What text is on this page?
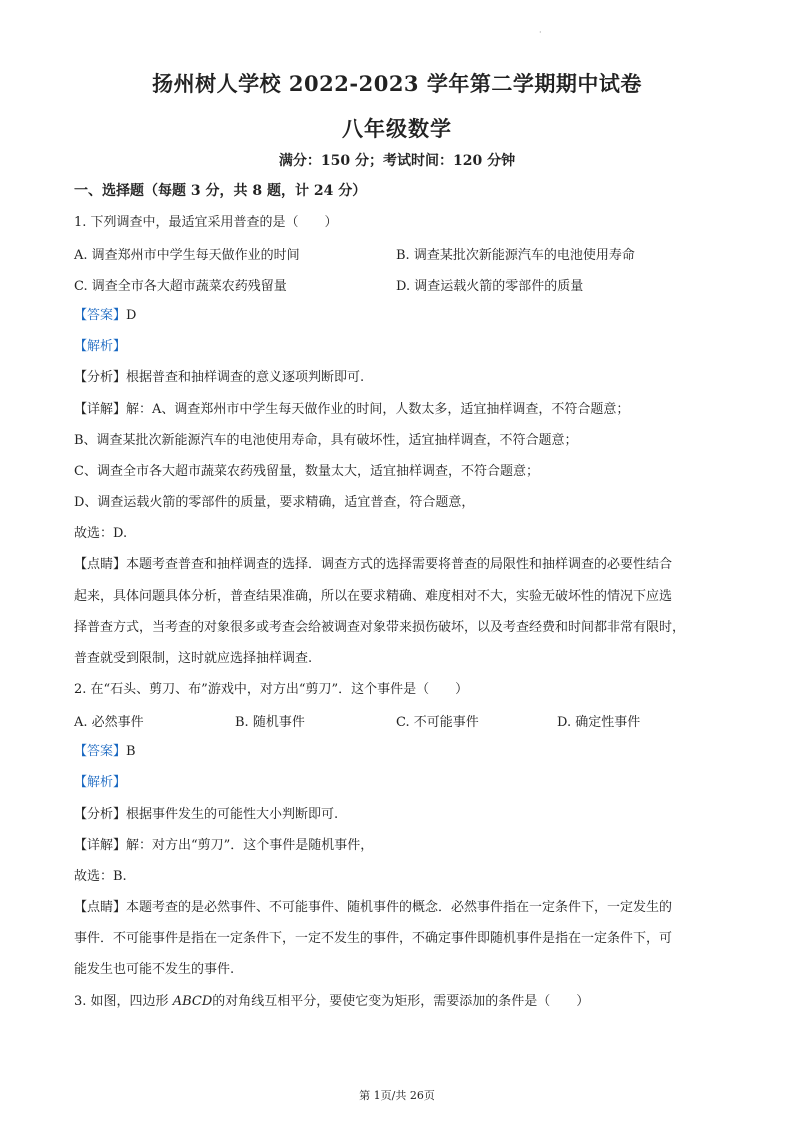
·
扬州树人学校 2022-2023 学年第二学期期中试卷
八年级数学
满分：150 分；考试时间：120 分钟
一、选择题（每题 3 分，共 8 题，计 24 分）
1. 下列调查中，最适宜采用普查的是（　　）
A. 调查郑州市中学生每天做作业的时间	B. 调查某批次新能源汽车的电池使用寿命
C. 调查全市各大超市蔬菜农药残留量	D. 调查运载火箭的零部件的质量
【答案】D
【解析】
【分析】根据普查和抽样调查的意义逐项判断即可.
【详解】解：A、调查郑州市中学生每天做作业的时间，人数太多，适宜抽样调查，不符合题意；
B、调查某批次新能源汽车的电池使用寿命，具有破坏性，适宜抽样调查，不符合题意；
C、调查全市各大超市蔬菜农药残留量，数量太大，适宜抽样调查，不符合题意；
D、调查运载火箭的零部件的质量，要求精确，适宜普查，符合题意，
故选：D.
【点睛】本题考查普查和抽样调查的选择．调查方式的选择需要将普查的局限性和抽样调查的必要性结合
起来，具体问题具体分析，普查结果准确，所以在要求精确、难度相对不大，实验无破坏性的情况下应选
择普查方式，当考查的对象很多或考查会给被调查对象带来损伤破坏，以及考查经费和时间都非常有限时，
普查就受到限制，这时就应选择抽样调查.
2. 在“石头、剪刀、布”游戏中，对方出“剪刀”．这个事件是（　　）
A. 必然事件	B. 随机事件	C. 不可能事件	D. 确定性事件
【答案】B
【解析】
【分析】根据事件发生的可能性大小判断即可.
【详解】解：对方出“剪刀”．这个事件是随机事件，
故选：B.
【点睛】本题考查的是必然事件、不可能事件、随机事件的概念．必然事件指在一定条件下，一定发生的
事件．不可能事件是指在一定条件下，一定不发生的事件，不确定事件即随机事件是指在一定条件下，可
能发生也可能不发生的事件.
3. 如图，四边形 ABCD的对角线互相平分，要使它变为矩形，需要添加的条件是（　　）
第 1页/共 26页
